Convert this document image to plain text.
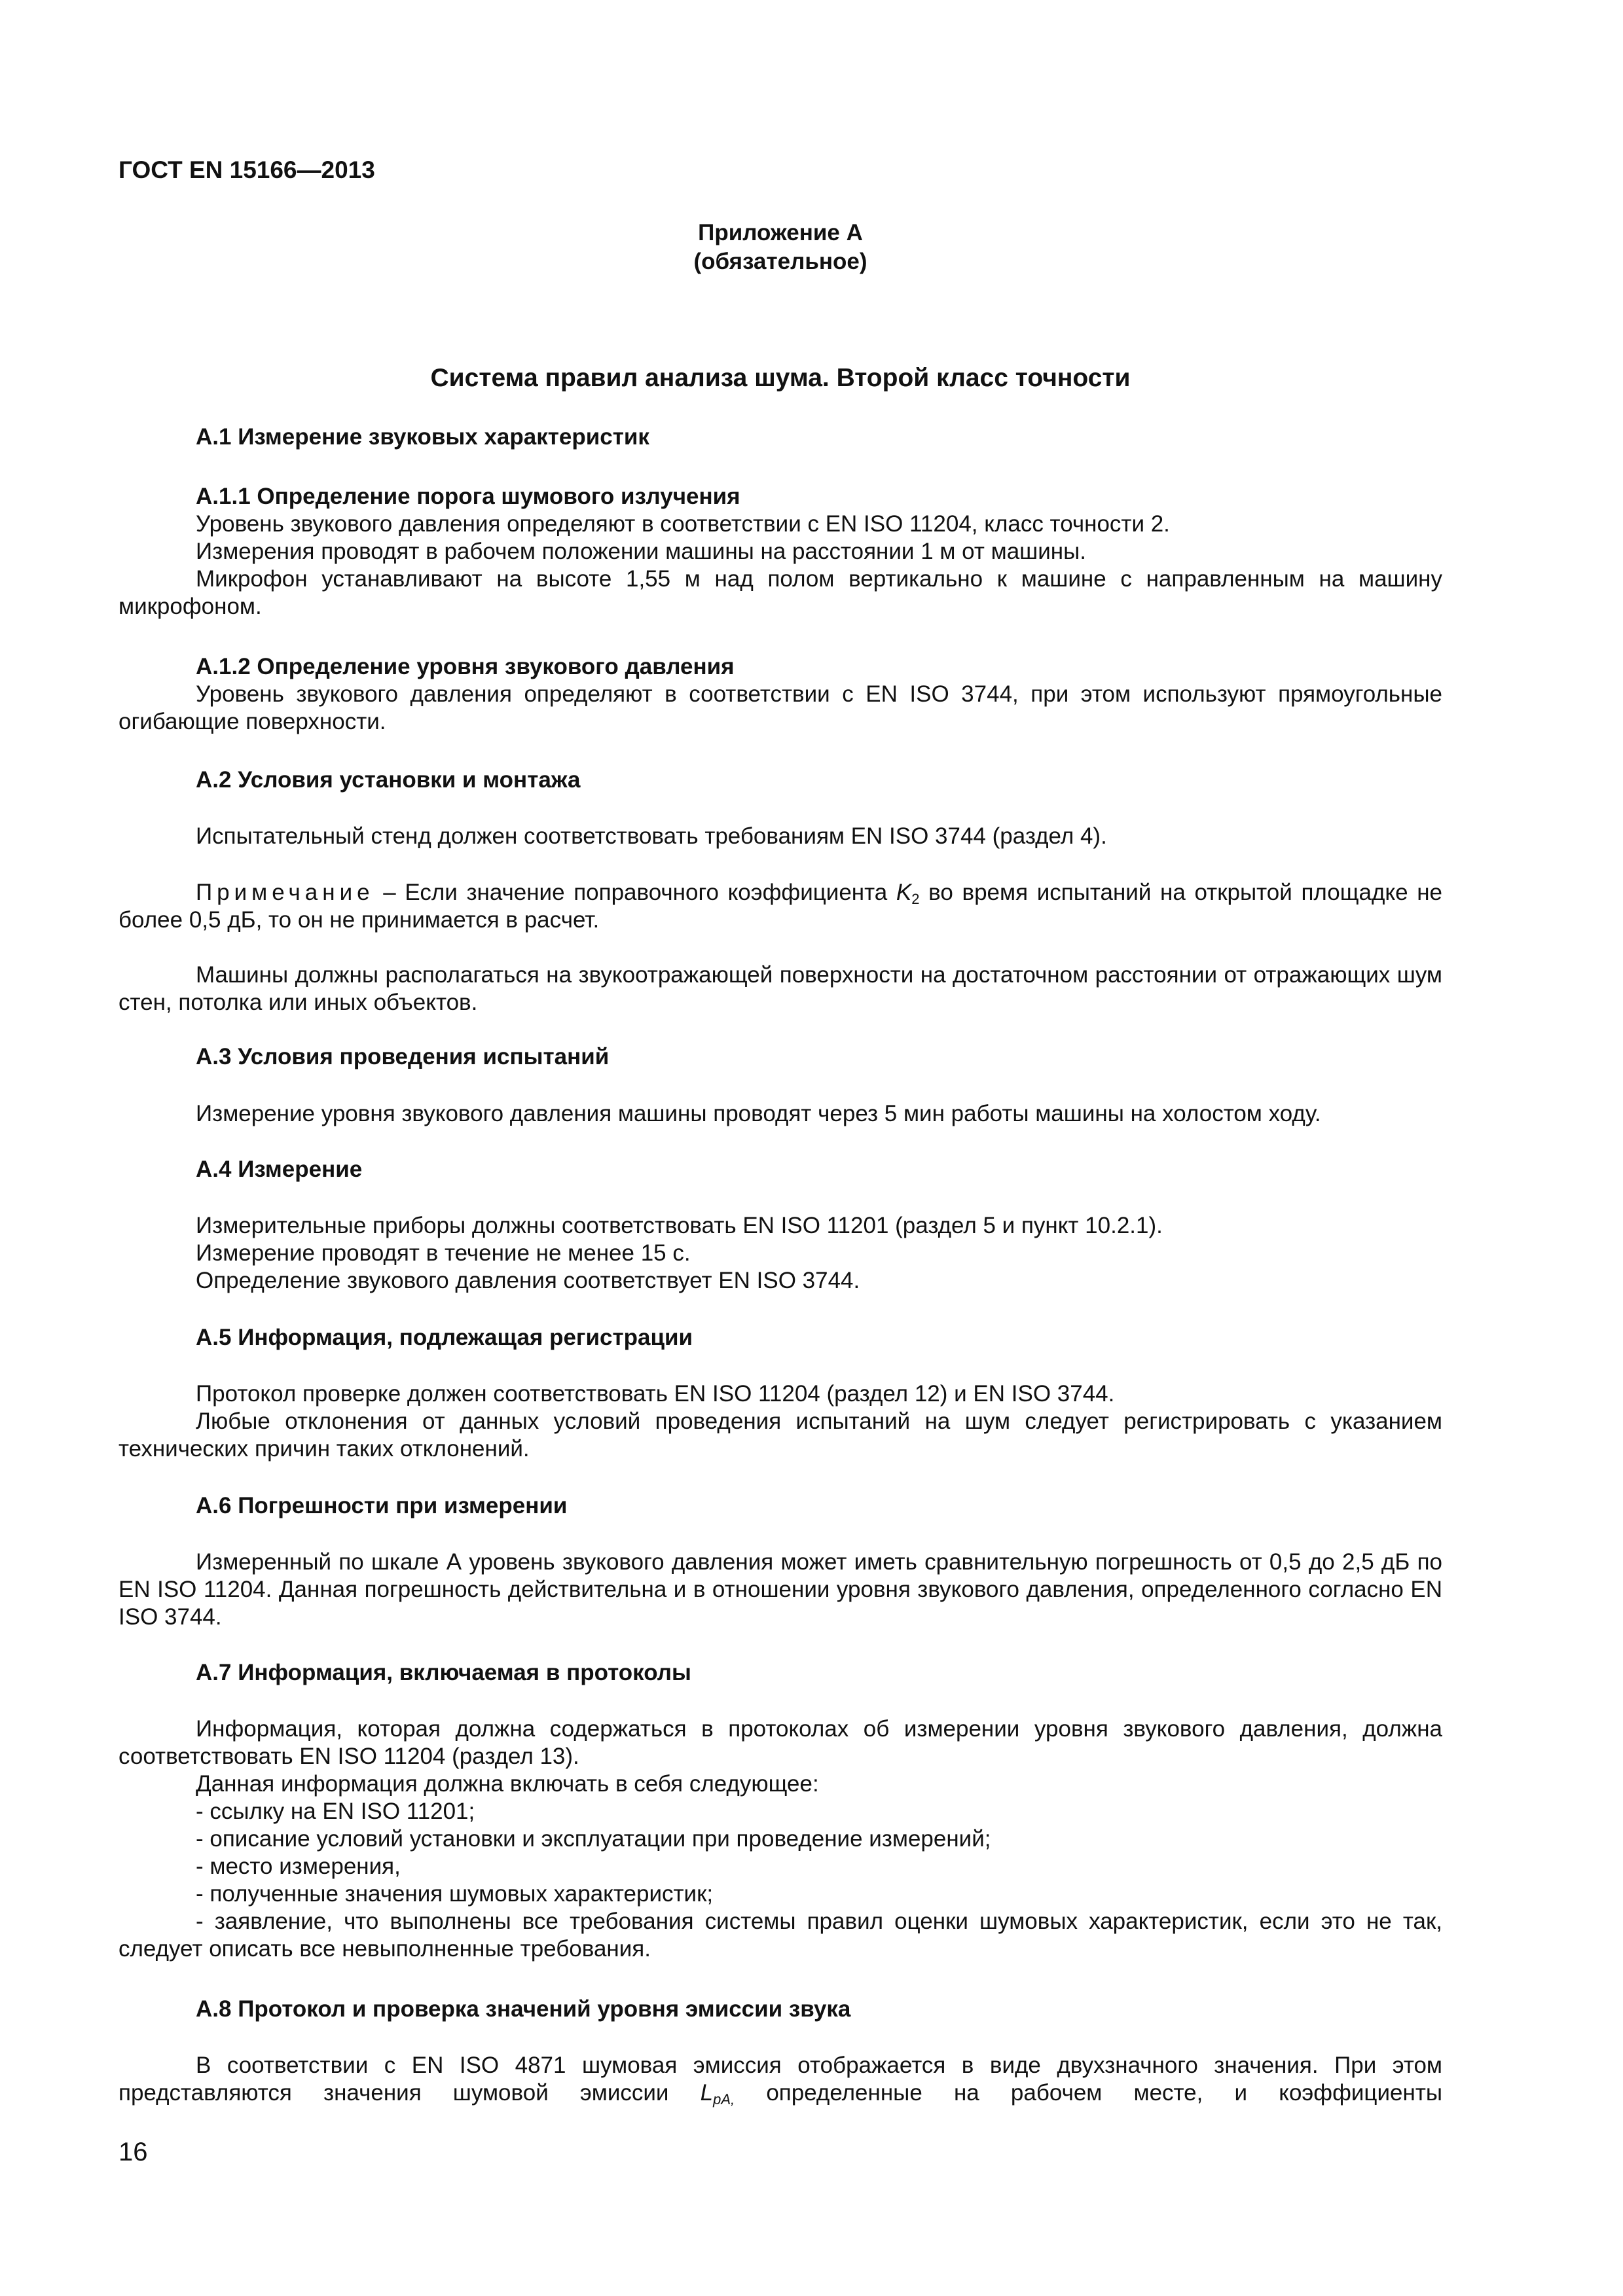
ГОСТ EN 15166—2013
Приложение А
(обязательное)
Система правил анализа шума. Второй класс точности
А.1 Измерение звуковых характеристик
А.1.1 Определение порога шумового излучения

Уровень звукового давления определяют в соответствии с EN ISO 11204, класс точности 2.

Измерения проводят в рабочем положении машины на расстоянии 1 м от машины.

Микрофон устанавливают на высоте 1,55 м над полом вертикально к машине с направленным на машину микрофоном.

А.1.2 Определение уровня звукового давления

Уровень звукового давления определяют в соответствии с EN ISO 3744, при этом используют прямоугольные огибающие поверхности.

А.2 Условия установки и монтажа

Испытательный стенд должен соответствовать требованиям EN ISO 3744 (раздел 4).

Примечание – Если значение поправочного коэффициента $K_2$ во время испытаний на открытой площадке не более 0,5 дБ, то он не принимается в расчет.

Машины должны располагаться на звукоотражающей поверхности на достаточном расстоянии от отражающих шум стен, потолка или иных объектов.

А.3 Условия проведения испытаний

Измерение уровня звукового давления машины проводят через 5 мин работы машины на холостом ходу.

А.4 Измерение

Измерительные приборы должны соответствовать EN ISO 11201 (раздел 5 и пункт 10.2.1).

Измерение проводят в течение не менее 15 с.

Определение звукового давления соответствует EN ISO 3744.

А.5 Информация, подлежащая регистрации

Протокол проверке должен соответствовать EN ISO 11204 (раздел 12) и EN ISO 3744.

Любые отклонения от данных условий проведения испытаний на шум следует регистрировать с указанием технических причин таких отклонений.

А.6 Погрешности при измерении

Измеренный по шкале А уровень звукового давления может иметь сравнительную погрешность от 0,5 до 2,5 дБ по EN ISO 11204. Данная погрешность действительна и в отношении уровня звукового давления, определенного согласно EN ISO 3744.

А.7 Информация, включаемая в протоколы

Информация, которая должна содержаться в протоколах об измерении уровня звукового давления, должна соответствовать EN ISO 11204 (раздел 13).

Данная информация должна включать в себя следующее:

- ссылку на EN ISO 11201;

- описание условий установки и эксплуатации при проведение измерений;

- место измерения,

- полученные значения шумовых характеристик;

- заявление, что выполнены все требования системы правил оценки шумовых характеристик, если это не так, следует описать все невыполненные требования.

А.8 Протокол и проверка значений уровня эмиссии звука

В соответствии с EN ISO 4871 шумовая эмиссия отображается в виде двухзначного значения. При этом представляются значения шумовой эмиссии $L_{pA,}$ определенные на рабочем месте, и коэффициенты

16
